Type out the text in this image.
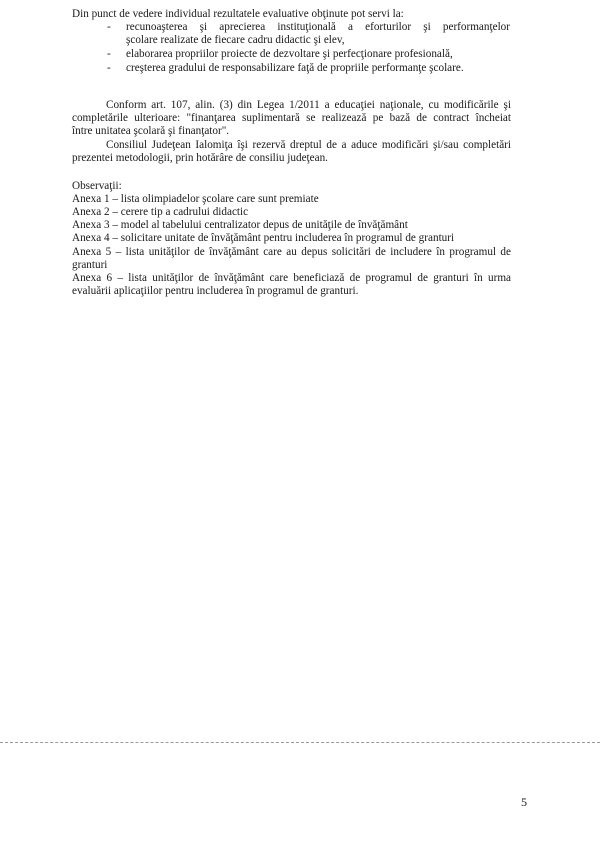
Din punct de vedere individual rezultatele evaluative obţinute pot servi la:
- recunoaşterea şi aprecierea instituţională a eforturilor şi performanţelor
şcolare realizate de fiecare cadru didactic şi elev,
- elaborarea propriilor proiecte de dezvoltare şi perfecţionare profesională,
- creşterea gradului de responsabilizare faţă de propriile performanţe şcolare.
Conform art. 107, alin. (3) din Legea 1/2011 a educaţiei naţionale, cu modificările şi
completările ulterioare: "finanţarea suplimentară se realizează pe bază de contract încheiat
între unitatea şcolară şi finanţator".
Consiliul Judeţean Ialomiţa îşi rezervă dreptul de a aduce modificări şi/sau completări
prezentei metodologii, prin hotărâre de consiliu judeţean.
Observaţii:
Anexa 1 – lista olimpiadelor şcolare care sunt premiate
Anexa 2 – cerere tip a cadrului didactic
Anexa 3 – model al tabelului centralizator depus de unităţile de învăţământ
Anexa 4 – solicitare unitate de învăţământ pentru includerea în programul de granturi
Anexa 5 – lista unităţilor de învăţământ care au depus solicitări de includere în programul de
granturi
Anexa 6 – lista unităţilor de învăţământ care beneficiază de programul de granturi în urma
evaluării aplicaţiilor pentru includerea în programul de granturi.
5
